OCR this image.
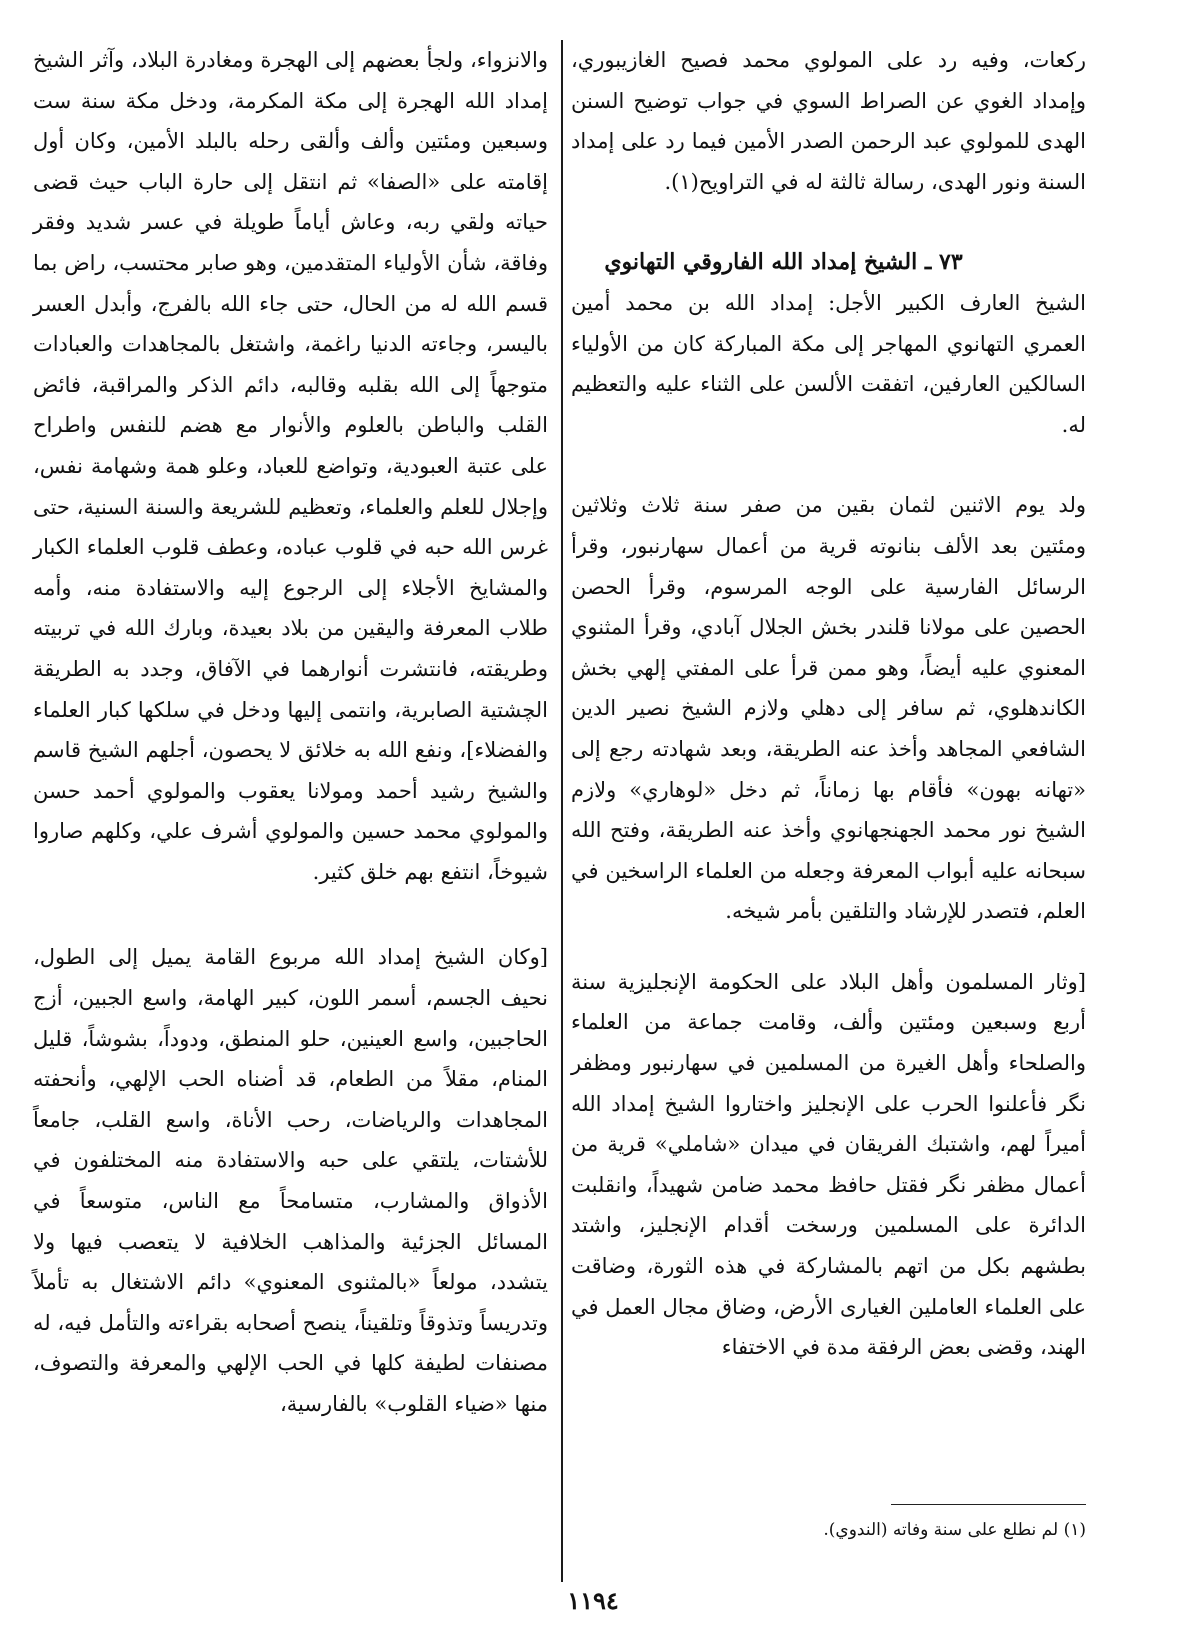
ركعات، وفيه رد على المولوي محمد فصيح الغازيبوري، وإمداد الغوي عن الصراط السوي في جواب توضيح السنن الهدى للمولوي عبد الرحمن الصدر الأمين فيما رد على إمداد السنة ونور الهدى، رسالة ثالثة له في التراويح(١).

٧٣ ـ الشيخ إمداد الله الفاروقي التهانوي

الشيخ العارف الكبير الأجل: إمداد الله بن محمد أمين العمري التهانوي المهاجر إلى مكة المباركة كان من الأولياء السالكين العارفين، اتفقت الألسن على الثناء عليه والتعظيم له.

ولد يوم الاثنين لثمان بقين من صفر سنة ثلاث وثلاثين ومئتين بعد الألف بنانوته قرية من أعمال سهارنبور، وقرأ الرسائل الفارسية على الوجه المرسوم، وقرأ الحصن الحصين على مولانا قلندر بخش الجلال آبادي، وقرأ المثنوي المعنوي عليه أيضاً، وهو ممن قرأ على المفتي إلهي بخش الكاندهلوي، ثم سافر إلى دهلي ولازم الشيخ نصير الدين الشافعي المجاهد وأخذ عنه الطريقة، وبعد شهادته رجع إلى «تهانه بهون» فأقام بها زماناً، ثم دخل «لوهاري» ولازم الشيخ نور محمد الجهنجهانوي وأخذ عنه الطريقة، وفتح الله سبحانه عليه أبواب المعرفة وجعله من العلماء الراسخين في العلم، فتصدر للإرشاد والتلقين بأمر شيخه.

[وثار المسلمون وأهل البلاد على الحكومة الإنجليزية سنة أربع وسبعين ومئتين وألف، وقامت جماعة من العلماء والصلحاء وأهل الغيرة من المسلمين في سهارنبور ومظفر نگر فأعلنوا الحرب على الإنجليز واختاروا الشيخ إمداد الله أميراً لهم، واشتبك الفريقان في ميدان «شاملي» قرية من أعمال مظفر نگر فقتل حافظ محمد ضامن شهيداً، وانقلبت الدائرة على المسلمين ورسخت أقدام الإنجليز، واشتد بطشهم بكل من اتهم بالمشاركة في هذه الثورة، وضاقت على العلماء العاملين الغيارى الأرض، وضاق مجال العمل في الهند، وقضى بعض الرفقة مدة في الاختفاء

والانزواء، ولجأ بعضهم إلى الهجرة ومغادرة البلاد، وآثر الشيخ إمداد الله الهجرة إلى مكة المكرمة، ودخل مكة سنة ست وسبعين ومئتين وألف وألقى رحله بالبلد الأمين، وكان أول إقامته على «الصفا» ثم انتقل إلى حارة الباب حيث قضى حياته ولقي ربه، وعاش أياماً طويلة في عسر شديد وفقر وفاقة، شأن الأولياء المتقدمين، وهو صابر محتسب، راض بما قسم الله له من الحال، حتى جاء الله بالفرج، وأبدل العسر باليسر، وجاءته الدنيا راغمة، واشتغل بالمجاهدات والعبادات متوجهاً إلى الله بقلبه وقالبه، دائم الذكر والمراقبة، فائض القلب والباطن بالعلوم والأنوار مع هضم للنفس واطراح على عتبة العبودية، وتواضع للعباد، وعلو همة وشهامة نفس، وإجلال للعلم والعلماء، وتعظيم للشريعة والسنة السنية، حتى غرس الله حبه في قلوب عباده، وعطف قلوب العلماء الكبار والمشايخ الأجلاء إلى الرجوع إليه والاستفادة منه، وأمه طلاب المعرفة واليقين من بلاد بعيدة، وبارك الله في تربيته وطريقته، فانتشرت أنوارهما في الآفاق، وجدد به الطريقة الچشتية الصابرية، وانتمى إليها ودخل في سلكها كبار العلماء والفضلاء]، ونفع الله به خلائق لا يحصون، أجلهم الشيخ قاسم والشيخ رشيد أحمد ومولانا يعقوب والمولوي أحمد حسن والمولوي محمد حسين والمولوي أشرف علي، وكلهم صاروا شيوخاً، انتفع بهم خلق كثير.

[وكان الشيخ إمداد الله مربوع القامة يميل إلى الطول، نحيف الجسم، أسمر اللون، كبير الهامة، واسع الجبين، أزج الحاجبين، واسع العينين، حلو المنطق، ودوداً، بشوشاً، قليل المنام، مقلاً من الطعام، قد أضناه الحب الإلهي، وأنحفته المجاهدات والرياضات، رحب الأناة، واسع القلب، جامعاً للأشتات، يلتقي على حبه والاستفادة منه المختلفون في الأذواق والمشارب، متسامحاً مع الناس، متوسعاً في المسائل الجزئية والمذاهب الخلافية لا يتعصب فيها ولا يتشدد، مولعاً «بالمثنوى المعنوي» دائم الاشتغال به تأملاً وتدريساً وتذوقاً وتلقيناً، ينصح أصحابه بقراءته والتأمل فيه، له مصنفات لطيفة كلها في الحب الإلهي والمعرفة والتصوف، منها «ضياء القلوب» بالفارسية،

(١) لم نطلع على سنة وفاته (الندوي).
١١٩٤
